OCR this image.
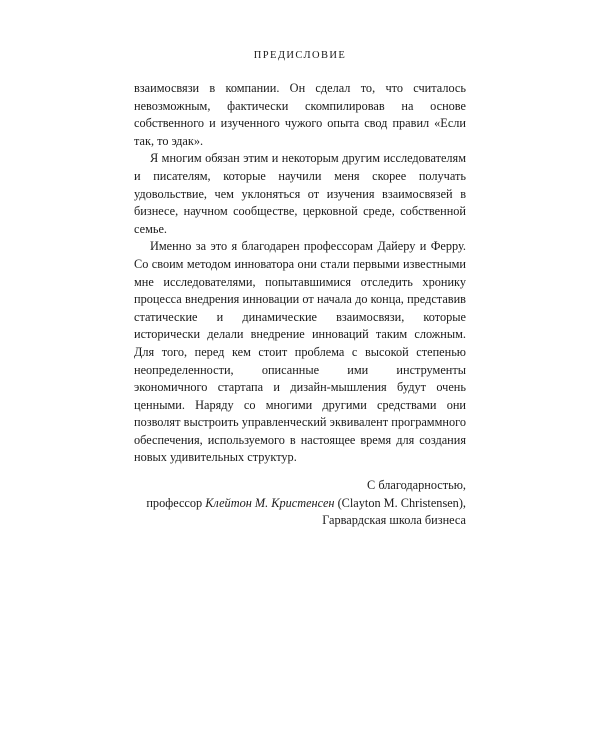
ПРЕДИСЛОВИЕ

взаимосвязи в компании. Он сделал то, что считалось невозможным, фактически скомпилировав на основе собственного и изученного чужого опыта свод правил «Если так, то эдак».

Я многим обязан этим и некоторым другим исследователям и писателям, которые научили меня скорее получать удовольствие, чем уклоняться от изучения взаимосвязей в бизнесе, научном сообществе, церковной среде, собственной семье.

Именно за это я благодарен профессорам Дайеру и Ферру. Со своим методом инноватора они стали первыми известными мне исследователями, попытавшимися отследить хронику процесса внедрения инновации от начала до конца, представив статические и динамические взаимосвязи, которые исторически делали внедрение инноваций таким сложным. Для того, перед кем стоит проблема с высокой степенью неопределенности, описанные ими инструменты экономичного стартапа и дизайн-мышления будут очень ценными. Наряду со многими другими средствами они позволят выстроить управленческий эквивалент программного обеспечения, используемого в настоящее время для создания новых удивительных структур.

С благодарностью,
профессор Клейтон М. Кристенсен (Clayton M. Christensen),
Гарвардская школа бизнеса
